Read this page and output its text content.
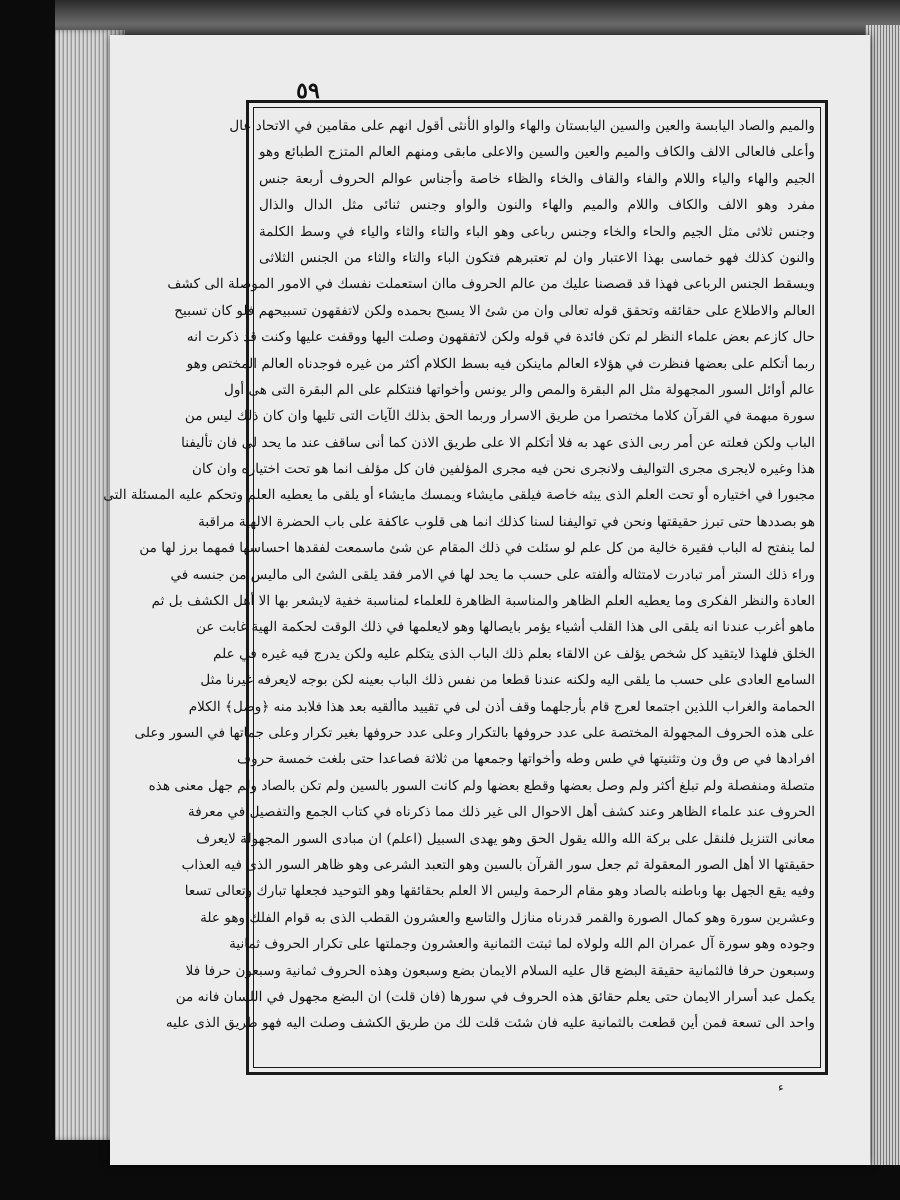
٥٩
والميم والصاد اليابسة والعين والسين اليابستان والهاء والواو الأنثى أقول انهم على مقامين في الاتحاد عال
وأعلى فالعالى الالف والكاف والميم والعين والسين والاعلى مابقى ومنهم العالم المتزج الطبائع وهو
الجيم والهاء والياء واللام والفاء والقاف والخاء والظاء خاصة وأجناس عوالم الحروف أربعة جنس
مفرد وهو الالف والكاف واللام والميم والهاء والنون والواو وجنس ثنائى مثل الدال والذال
وجنس ثلاثى مثل الجيم والحاء والخاء وجنس رباعى وهو الباء والتاء والثاء والياء في وسط الكلمة
والنون كذلك فهو خماسى بهذا الاعتبار وان لم تعتبرهم فتكون الباء والتاء والثاء من الجنس الثلاثى
ويسقط الجنس الرباعى فهذا قد قصصنا عليك من عالم الحروف ماان استعملت نفسك في الامور الموصلة الى كشف
العالم والاطلاع على حقائقه وتحقق قوله تعالى وان من شئ الا يسبح بحمده ولكن لاتفقهون تسبيحهم فلو كان تسبيح
حال كازعم بعض علماء النظر لم تكن فائدة في قوله ولكن لاتفقهون وصلت اليها ووقفت عليها وكنت قد ذكرت انه
ربما أتكلم على بعضها فنظرت في هؤلاء العالم ماينكن فيه بسط الكلام أكثر من غيره فوجدناه العالم المختص وهو
عالم أوائل السور المجهولة مثل الم البقرة والمص والر يونس وأخواتها فنتكلم على الم البقرة التى هى أول
سورة مبهمة في القرآن كلاما مختصرا من طريق الاسرار وربما الحق بذلك الآيات التى تليها وان كان ذلك ليس من
الباب ولكن فعلته عن أمر ربى الذى عهد به فلا أتكلم الا على طريق الاذن كما أنى ساقف عند ما يحد لى فان تأليفنا
هذا وغيره لايجرى مجرى التواليف ولانجرى نحن فيه مجرى المؤلفين فان كل مؤلف انما هو تحت اختياره وان كان
مجبورا في اختياره أو تحت العلم الذى يبثه خاصة فيلقى مايشاء ويمسك مايشاء أو يلقى ما يعطيه العلم وتحكم عليه المسئلة التى
هو بصددها حتى تبرز حقيقتها ونحن في تواليفنا لسنا كذلك انما هى قلوب عاكفة على باب الحضرة الالهية مراقبة
لما ينفتح له الباب فقيرة خالية من كل علم لو سئلت في ذلك المقام عن شئ ماسمعت لفقدها احساسها فمهما برز لها من
وراء ذلك الستر أمر تبادرت لامتثاله وألفته على حسب ما يحد لها في الامر فقد يلقى الشئ الى ماليس من جنسه في
العادة والنظر الفكرى وما يعطيه العلم الظاهر والمناسبة الظاهرة للعلماء لمناسبة خفية لايشعر بها الا أهل الكشف بل ثم
ماهو أغرب عندنا انه يلقى الى هذا القلب أشياء يؤمر بايصالها وهو لايعلمها في ذلك الوقت لحكمة الهية غابت عن
الخلق فلهذا لايتقيد كل شخص يؤلف عن الالقاء بعلم ذلك الباب الذى يتكلم عليه ولكن يدرج فيه غيره في علم
السامع العادى على حسب ما يلقى اليه ولكنه عندنا قطعا من نفس ذلك الباب بعينه لكن بوجه لايعرفه غيرنا مثل
الحمامة والغراب اللذين اجتمعا لعرج قام بأرجلهما وقف أذن لى في تقييد ماألقيه بعد هذا فلابد منه ﴿وصل﴾ الكلام
على هذه الحروف المجهولة المختصة على عدد حروفها بالتكرار وعلى عدد حروفها بغير تكرار وعلى جماتها في السور وعلى
افرادها في ص وق ون وتثنيتها في طس وطه وأخواتها وجمعها من ثلاثة فصاعدا حتى بلغت خمسة حروف
متصلة ومنفصلة ولم تبلغ أكثر ولم وصل بعضها وقطع بعضها ولم كانت السور بالسين ولم تكن بالصاد ولم جهل معنى هذه
الحروف عند علماء الظاهر وعند كشف أهل الاحوال الى غير ذلك مما ذكرناه في كتاب الجمع والتفصيل في معرفة
معانى التنزيل فلنقل على بركة الله والله يقول الحق وهو يهدى السبيل (اعلم) ان مبادى السور المجهولة لايعرف
حقيقتها الا أهل الصور المعقولة ثم جعل سور القرآن بالسين وهو التعبد الشرعى وهو ظاهر السور الذى فيه العذاب
وفيه يقع الجهل بها وباطنه بالصاد وهو مقام الرحمة وليس الا العلم بحقائقها وهو التوحيد فجعلها تبارك وتعالى تسعا
وعشرين سورة وهو كمال الصورة والقمر قدرناه منازل والتاسع والعشرون القطب الذى به قوام الفلك وهو علة
وجوده وهو سورة آل عمران الم الله ولولاه لما ثبتت الثمانية والعشرون وجملتها على تكرار الحروف ثمانية
وسبعون حرفا فالثمانية حقيقة البضع قال عليه السلام الايمان بضع وسبعون وهذه الحروف ثمانية وسبعون حرفا فلا
يكمل عبد أسرار الايمان حتى يعلم حقائق هذه الحروف في سورها (فان قلت) ان البضع مجهول في اللسان فانه من
واحد الى تسعة فمن أين قطعت بالثمانية عليه فان شئت قلت لك من طريق الكشف وصلت اليه فهو طريق الذى عليه
ء
